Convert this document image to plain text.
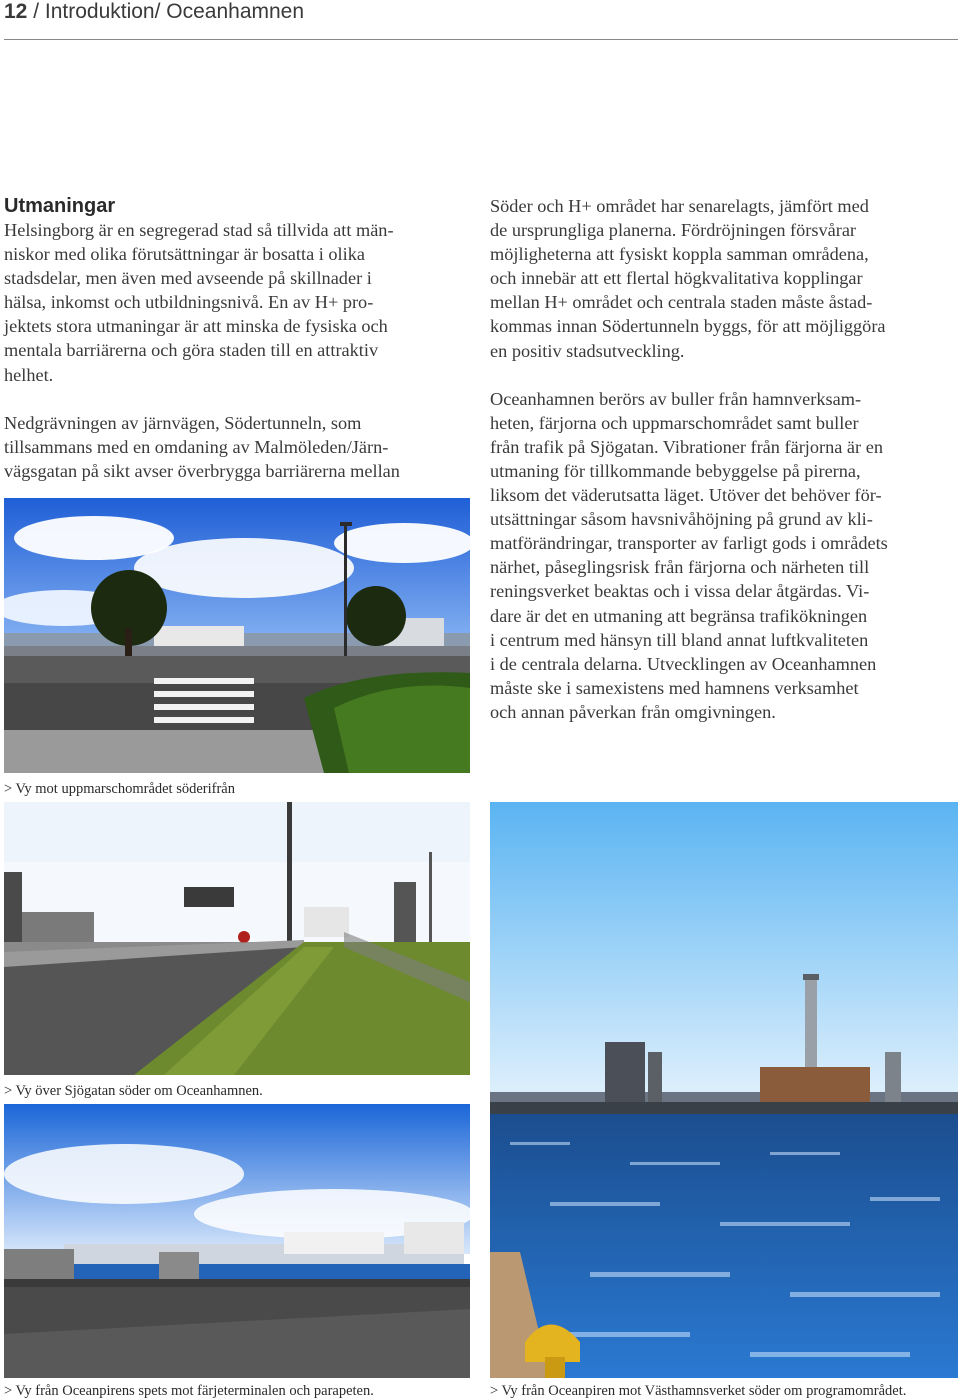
12 / Introduktion/ Oceanhamnen
Utmaningar
Helsingborg är en segregerad stad så tillvida att män-
niskor med olika förutsättningar är bosatta i olika
stadsdelar, men även med avseende på skillnader i
hälsa, inkomst och utbildningsnivå. En av H+ pro-
jektets stora utmaningar är att minska de fysiska och
mentala barriärerna och göra staden till en attraktiv
helhet.
Nedgrävningen av järnvägen, Södertunneln, som
tillsammans med en omdaning av Malmöleden/Järn-
vägsgatan på sikt avser överbrygga barriärerna mellan
Söder och H+ området har senarelagts, jämfört med
de ursprungliga planerna. Fördröjningen försvårar
möjligheterna att fysiskt koppla samman områdena,
och innebär att ett flertal högkvalitativa kopplingar
mellan H+ området och centrala staden måste åstad-
kommas innan Södertunneln byggs, för att möjliggöra
en positiv stadsutveckling.
Oceanhamnen berörs av buller från hamnverksam-
heten, färjorna och uppmarschområdet samt buller
från trafik på Sjögatan. Vibrationer från färjorna är en
utmaning för tillkommande bebyggelse på pirerna,
liksom det väderutsatta läget. Utöver det behöver för-
utsättningar såsom havsnivåhöjning på grund av kli-
matförändringar, transporter av farligt gods i områdets
närhet, påseglingsrisk från färjorna och närheten till
reningsverket beaktas och i vissa delar åtgärdas. Vi-
dare är det en utmaning att begränsa trafikökningen
i centrum med hänsyn till bland annat luftkvaliteten
i de centrala delarna. Utvecklingen av Oceanhamnen
måste ske i samexistens med hamnens verksamhet
och annan påverkan från omgivningen.
> Vy mot uppmarschområdet söderifrån
> Vy över Sjögatan söder om Oceanhamnen.
> Vy från Oceanpirens spets mot färjeterminalen och parapeten.	> Vy från Oceanpiren mot Västhamnsverket söder om programområdet.
